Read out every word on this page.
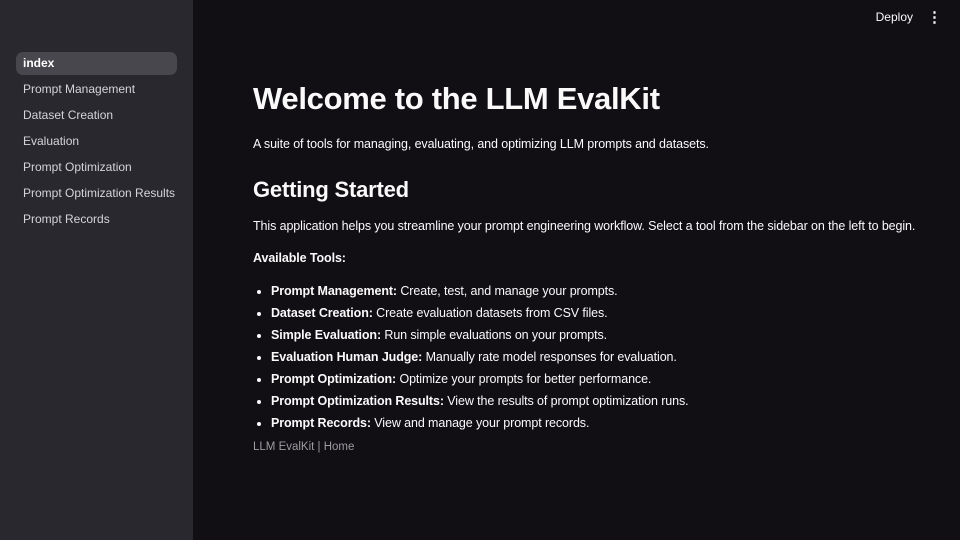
index
Prompt Management
Dataset Creation
Evaluation
Prompt Optimization
Prompt Optimization Results
Prompt Records
Deploy ⋮
Welcome to the LLM EvalKit

A suite of tools for managing, evaluating, and optimizing LLM prompts and datasets.

Getting Started

This application helps you streamline your prompt engineering workflow. Select a tool from the sidebar on the left to begin.

Available Tools:

• Prompt Management: Create, test, and manage your prompts.
• Dataset Creation: Create evaluation datasets from CSV files.
• Simple Evaluation: Run simple evaluations on your prompts.
• Evaluation Human Judge: Manually rate model responses for evaluation.
• Prompt Optimization: Optimize your prompts for better performance.
• Prompt Optimization Results: View the results of prompt optimization runs.
• Prompt Records: View and manage your prompt records.

LLM EvalKit | Home
